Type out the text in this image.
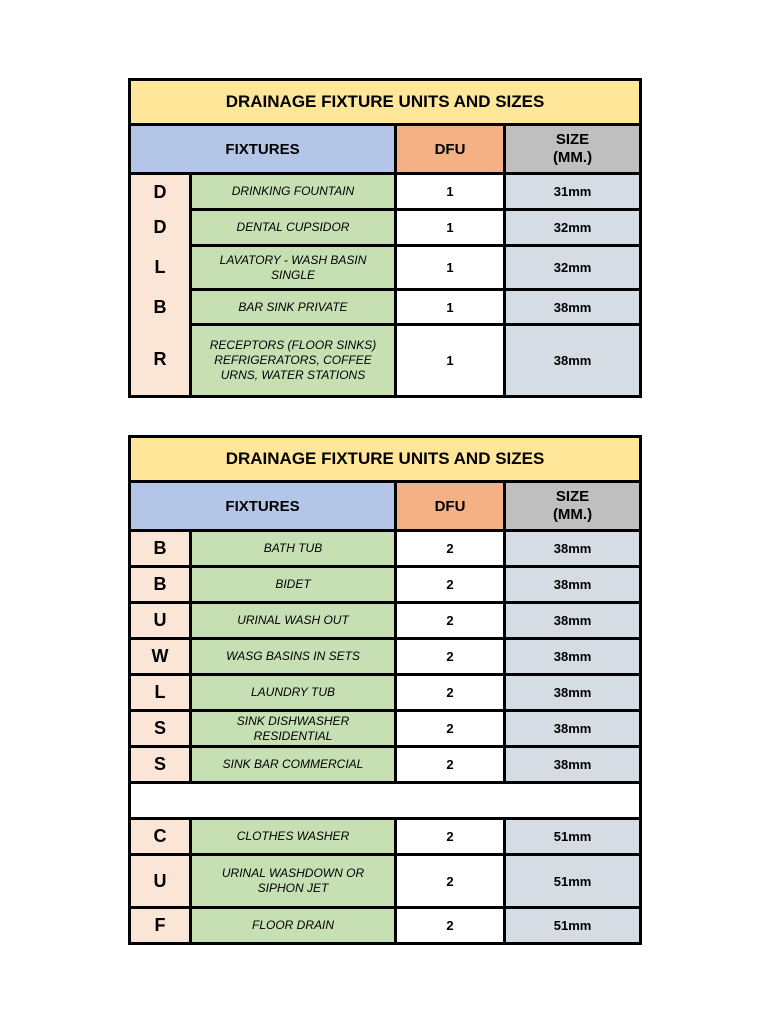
DRAINAGE FIXTURE UNITS AND SIZES			
FIXTURES		DFU	SIZE
(MM.)
D	DRINKING FOUNTAIN	1	31mm
D	DENTAL CUPSIDOR	1	32mm
L	LAVATORY - WASH BASIN SINGLE	1	32mm
B	BAR SINK PRIVATE	1	38mm
R	RECEPTORS (FLOOR SINKS) REFRIGERATORS, COFFEE URNS, WATER STATIONS	1	38mm
DRAINAGE FIXTURE UNITS AND SIZES			
FIXTURES		DFU	SIZE
(MM.)
B	BATH TUB	2	38mm
B	BIDET	2	38mm
U	URINAL WASH OUT	2	38mm
W	WASG BASINS IN SETS	2	38mm
L	LAUNDRY TUB	2	38mm
S	SINK DISHWASHER RESIDENTIAL	2	38mm
S	SINK BAR COMMERCIAL	2	38mm

C	CLOTHES WASHER	2	51mm
U	URINAL WASHDOWN OR SIPHON JET	2	51mm
F	FLOOR DRAIN	2	51mm
